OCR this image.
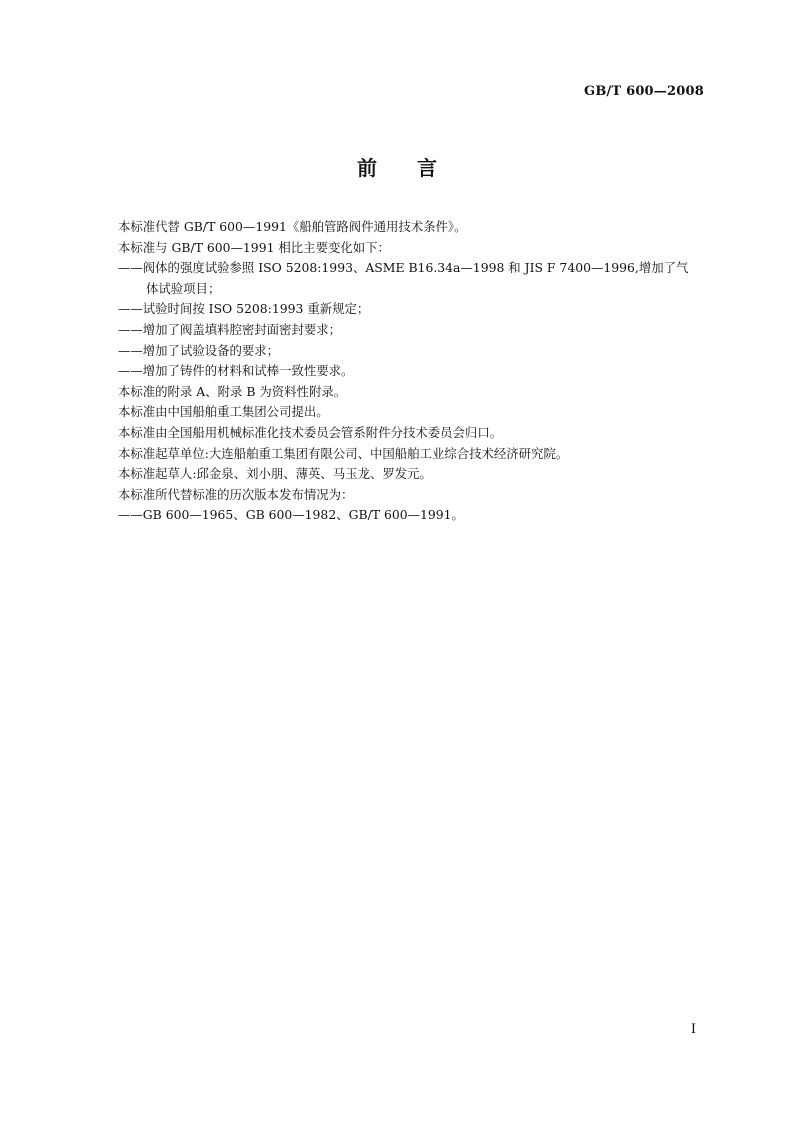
GB/T 600—2008
前言

本标准代替 GB/T 600—1991《船舶管路阀件通用技术条件》。

本标准与 GB/T 600—1991 相比主要变化如下：

——阀体的强度试验参照 ISO 5208:1993、ASME B16.34a—1998 和 JIS F 7400—1996,增加了气

体试验项目；

——试验时间按 ISO 5208:1993 重新规定；

——增加了阀盖填料腔密封面密封要求；

——增加了试验设备的要求；

——增加了铸件的材料和试棒一致性要求。

本标准的附录 A、附录 B 为资料性附录。

本标准由中国船舶重工集团公司提出。

本标准由全国船用机械标准化技术委员会管系附件分技术委员会归口。

本标准起草单位:大连船舶重工集团有限公司、中国船舶工业综合技术经济研究院。

本标准起草人:邱金泉、刘小朋、薄英、马玉龙、罗发元。

本标准所代替标准的历次版本发布情况为：

——GB 600—1965、GB 600—1982、GB/T 600—1991。

I
